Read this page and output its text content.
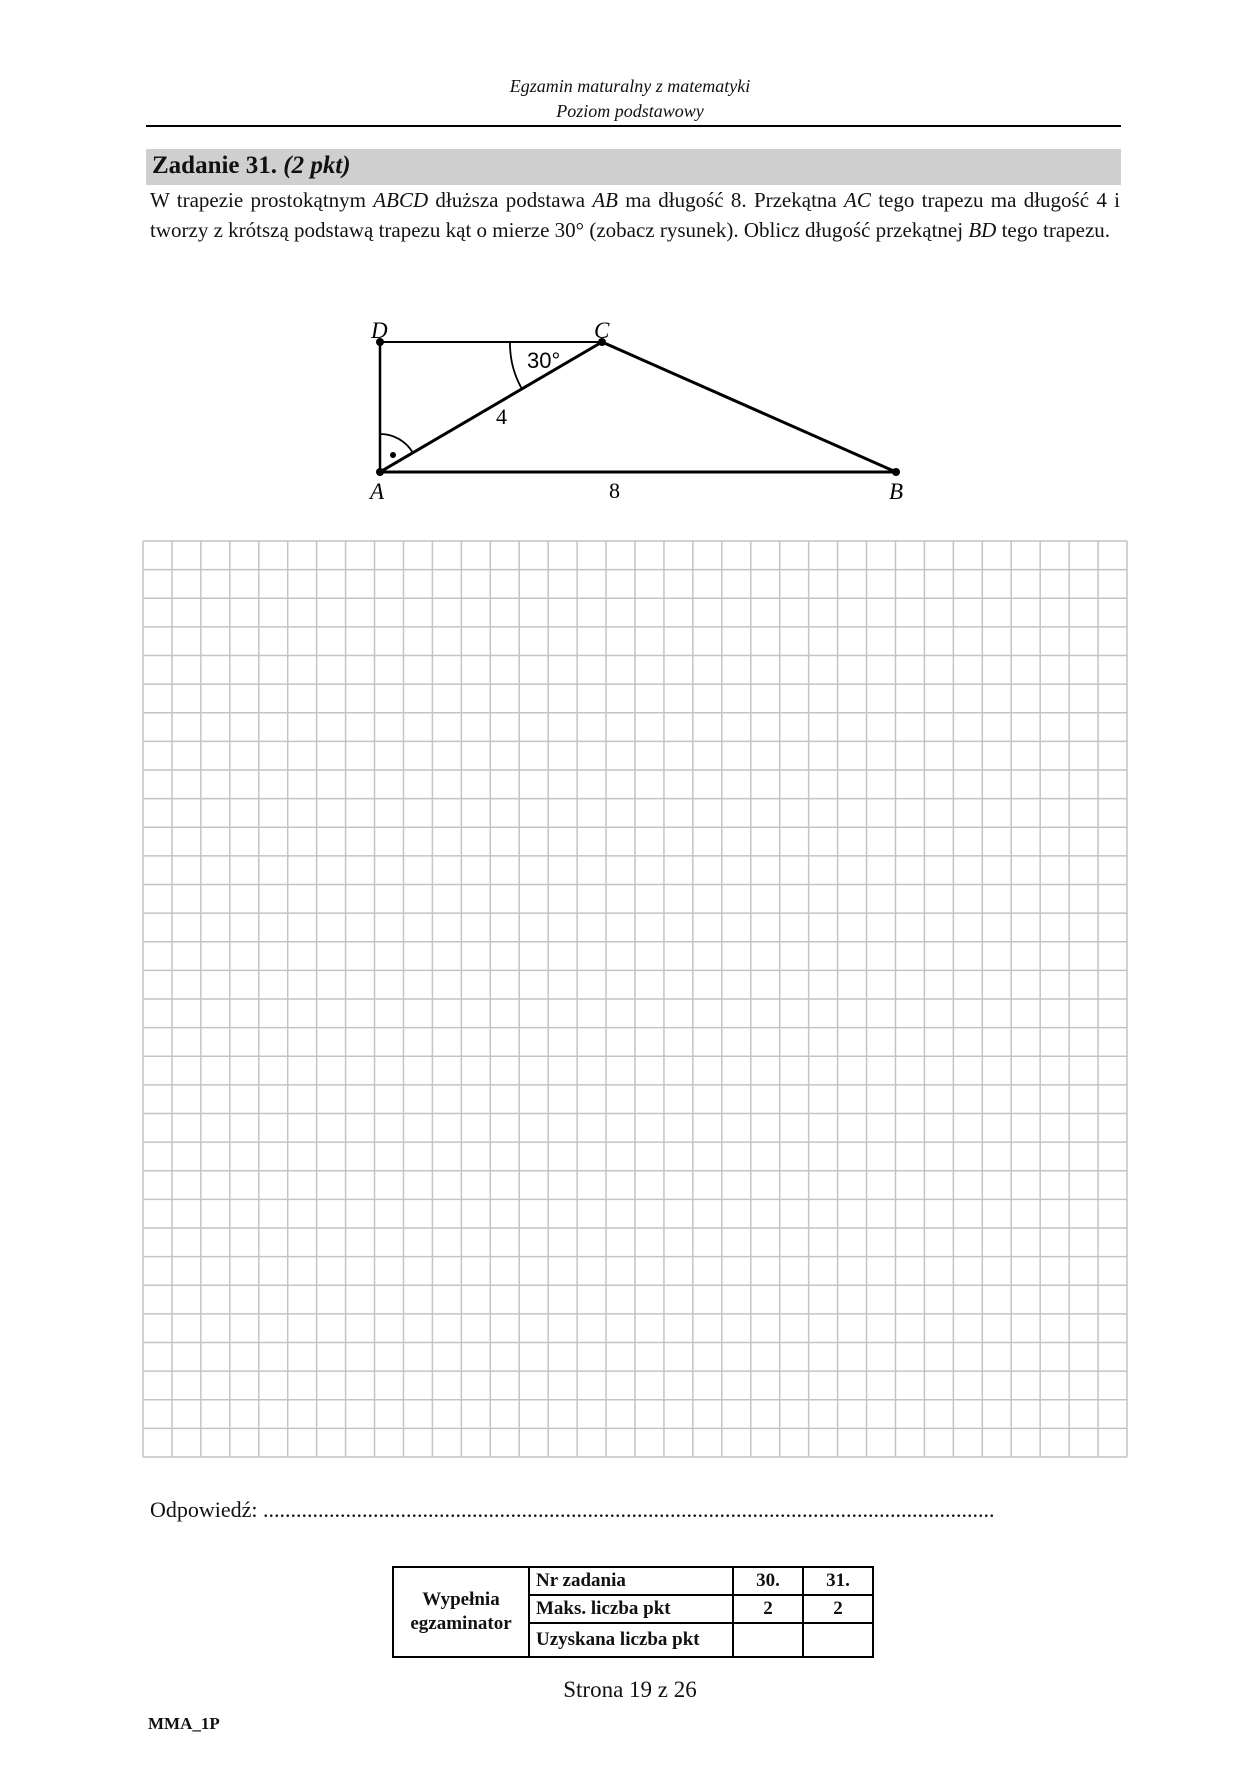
Egzamin maturalny z matematyki
Poziom podstawowy
Zadanie 31. (2 pkt)
W trapezie prostokątnym ABCD dłuższa podstawa AB ma długość 8. Przekątna AC tego trapezu ma długość 4 i tworzy z krótszą podstawą trapezu kąt o mierze 30° (zobacz rysunek). Oblicz długość przekątnej BD tego trapezu.
D	C
A	B
30°
4
8
Odpowiedź: .....................................................................................................................................
Wypełnia
egzaminator	Nr zadania	30.	31.
	Maks. liczba pkt	2	2
	Uzyskana liczba pkt		
Strona 19 z 26
MMA_1P
